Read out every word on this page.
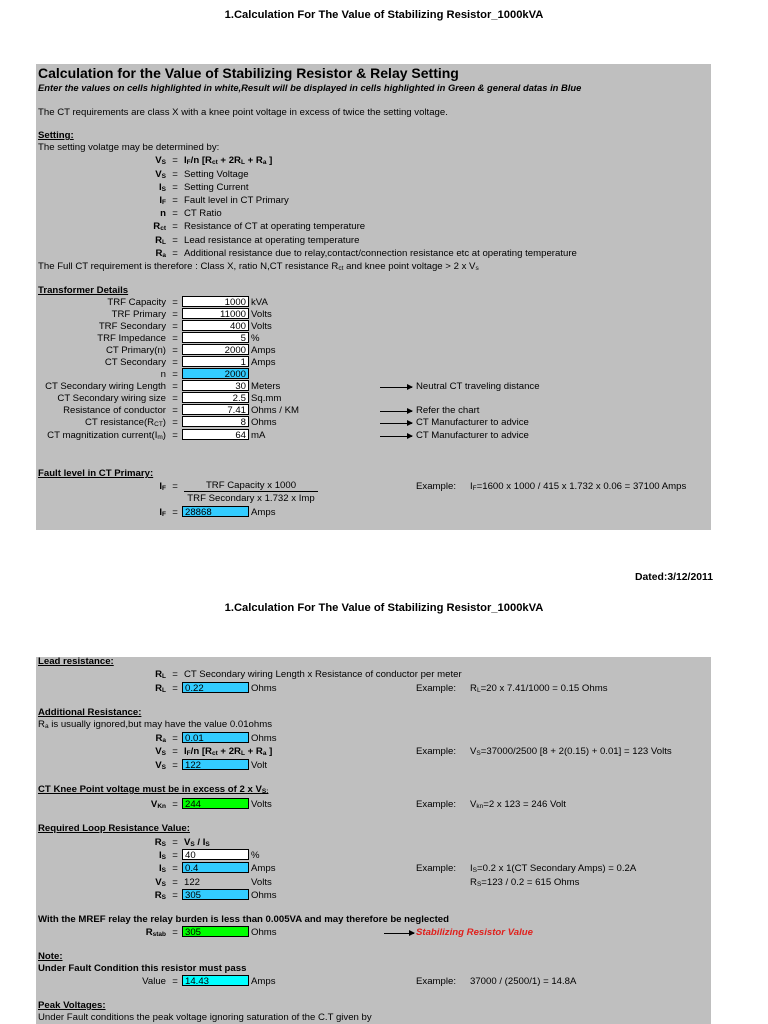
1.Calculation For The Value of Stabilizing Resistor_1000kVA
Calculation for the Value of Stabilizing Resistor & Relay Setting
Enter the values on cells highlighted in white,Result will be displayed in cells highlighted in Green & general datas in Blue
The CT requirements are class X with a knee point voltage in excess of twice the setting voltage.
Setting:
The setting volatge may be determined by:
$V_S = I_F/n$ [$R_{ct} + 2R_L + R_a$ ]
$V_S$ = Setting Voltage
$I_S$ = Setting Current
$I_F$ = Fault level in CT Primary
n = CT Ratio
$R_{ct}$ = Resistance of CT at operating temperature
$R_L$ = Lead resistance at operating temperature
$R_a$ = Additional resistance due to relay,contact/connection resistance etc at operating temperature
The Full CT requirement is therefore : Class X, ratio N,CT resistance $R_{ct}$ and knee point voltage > 2 x $V_s$
Transformer Details
TRF Capacity =	1000 kVA
TRF Primary =	11000 Volts
TRF Secondary =	400 Volts
TRF Impedance =	5 %
CT Primary(n) =	2000 Amps
CT Secondary =	1 Amps
n =	2000
CT Secondary wiring Length =	30 Meters	Neutral CT traveling distance
CT Secondary wiring size =	2.5 Sq.mm
Resistance of conductor =	7.41 Ohms / KM	Refer the chart
CT $resistance(R_{CT})$ =	8 Ohms	CT Manufacturer to advice
CT magnitization $current(I_m)$ =	64 mA	CT Manufacturer to advice
Fault level in CT Primary:
$I_F$ =	TRF Capacity x 1000
TRF Secondary x 1.732 x Imp
Example: $I_F=1600$ x 1000 / 415 x 1.732 x 0.06 = 37100 Amps
$I_F = 28868$	Amps
Dated:3/12/2011
1.Calculation For The Value of Stabilizing Resistor_1000kVA
Lead resistance:
$R_L$ = CT Secondary wiring Length x Resistance of conductor per meter
$R_L = 0.22$	Ohms	Example: $R_L=20$ x 7.41/1000 = 0.15 Ohms
Additional Resistance:
$R_a$ is usually ignored,but may have the value 0.01ohms
$R_a = 0.01$	Ohms
$V_S = I_F/n$ [$R_{ct} + 2R_L + R_a$ ]	Example: $V_S=37000/2500$ [8 + 2(0.15) + 0.01] = 123 Volts
$V_S = 122$	Volt
CT Knee Point voltage must be in excess of 2 x $V_{S:}$
$V_{Kn} = 244$	Volts	Example: $V_{kn}=2$ x 123 = 246 Volt
Required Loop Resistance Value:
$R_S = V_S / I_S$
$I_S = 40$	%
$I_S = 0.4$	Amps	Example: $I_S=0.2$ x 1(CT Secondary Amps) = 0.2A
$V_S = 122$	Volts	$R_S=123 / 0.2 = 615$ Ohms
$R_S = 305$	Ohms
With the MREF relay the relay burden is less than 0.005VA and may therefore be neglected
$R_{stab} = 305$	Ohms	Stabilizing Resistor Value
Note:
Under Fault Condition this resistor must pass
Value = 14.43	Amps	Example: 37000 / (2500/1) = 14.8A
Peak Voltages:
Under Fault conditions the peak voltage ignoring saturation of the C.T given by
